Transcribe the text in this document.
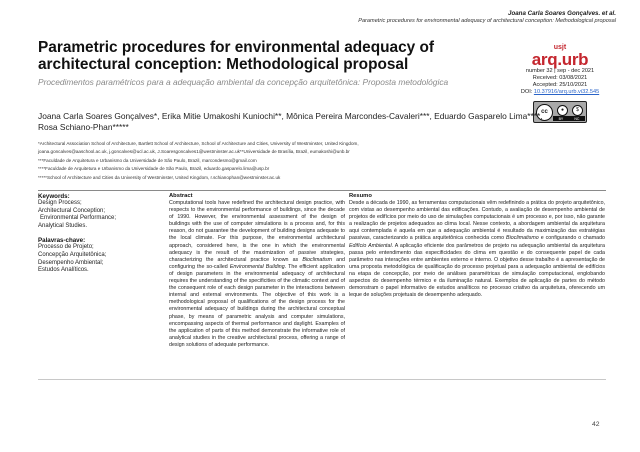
Joana Carla Soares Gonçalves. et al.
Parametric procedures for environmental adequacy of architectural conception: Methodological proposal
Parametric procedures for environmental adequacy of architectural conception: Methodological proposal
Procedimentos paramétricos para a adequação ambiental da concepção arquitetônica: Proposta metodológica
usjt
arq.urb
number 32 | sep - dec 2021
Received: 03/08/2021
Accepted: 25/10/2021
DOI: 10.37916/arq.urb.vi32.545
cc	●	$
BY	NC
Joana Carla Soares Gonçalves*, Erika Mitie Umakoshi Kuniochi**, Mônica Pereira Marcondes-Cavaleri***, Eduardo Gasparelo Lima****, Rosa Schiano-Phan*****
*Architectural Association School of Architecture, Bartlett School of Architecture, School of Architecture and Cities, University of Westminster, United Kingdom,
joana.goncalves@aaschool.ac.uk, j.goncalves@ucl.ac.uk, J.Soaresgoncalves1@westminster.ac.uk**Universidade de Brasília, Brazil, eumakoshi@unb.br
***Faculdade de Arquitetura e Urbanismo da Universidade de São Paulo, Brazil, marcondesmo@gmail.com
****Faculdade de Arquitetura e Urbanismo da Universidade de São Paulo, Brazil, eduardo.gasparelo.lima@usp.br
*****School of Architecture and Cities da University of Westminster, United Kingdom, r.schianophan@westminster.ac.uk
Keywords:
Design Process;
Architectural Conception;
Environmental Performance;
Analytical Studies.
Palavras-chave:
Processo de Projeto;
Concepção Arquitetônica;
Desempenho Ambiental;
Estudos Analíticos.
Abstract

Computational tools have redefined the architectural design practice, with respects to the environmental performance of buildings, since the decade of 1990. However, the environmental assessment of the design of buildings with the use of computer simulations is a process and, for this reason, do not guarantee the development of building designs adequate to the local climate. For this purpose, the environmental architectural approach, considered here, is the one in which the environmental adequacy is the result of the maximization of passive strategies, characterizing the architectural practice known as Bioclimatism and configuring the so-called Environmental Building. The efficient application of design parameters in the environmental adequacy of architectural requires the understanding of the specificities of the climatic context and of the consequent role of each design parameter in the interactions between internal and external environments. The objective of this work is a methodological proposal of qualifications of the design process for the environmental adequacy of buildings during the architectural conceptual phase, by means of parametric analysis and computer simulations, encompassing aspects of thermal performance and daylight. Examples of the application of parts of this method demonstrate the informative role of analytical studies in the creative architectural process, offering a range of design solutions of adequate performance.

Resumo

Desde a década de 1990, as ferramentas computacionais vêm redefinindo a prática do projeto arquitetônico, com vistas ao desempenho ambiental das edificações. Contudo, a avaliação de desempenho ambiental de projetos de edifícios por meio do uso de simulações computacionais é um processo e, por isso, não garante a realização de projetos adequados ao clima local. Nesse contexto, a abordagem ambiental da arquitetura aqui contemplada é aquela em que a adequação ambiental é resultado da maximização das estratégias passivas, caracterizando a prática arquitetônica conhecida como Bioclimatismo e configurando o chamado Edifício Ambiental. A aplicação eficiente dos parâmetros de projeto na adequação ambiental da arquitetura passa pelo entendimento das especificidades do clima em questão e do consequente papel de cada parâmetro nas interações entre ambientes externo e interno. O objetivo desse trabalho é a apresentação de uma proposta metodológica de qualificação do processo projetual para a adequação ambiental de edifícios na etapa de concepção, por meio de análises paramétricas de simulação computacional, englobando aspectos do desempenho térmico e da iluminação natural. Exemplos de aplicação de partes do método demonstram o papel informativo de estudos analíticos no processo criativo da arquitetura, oferecendo um leque de soluções projetuais de desempenho adequado.

42
